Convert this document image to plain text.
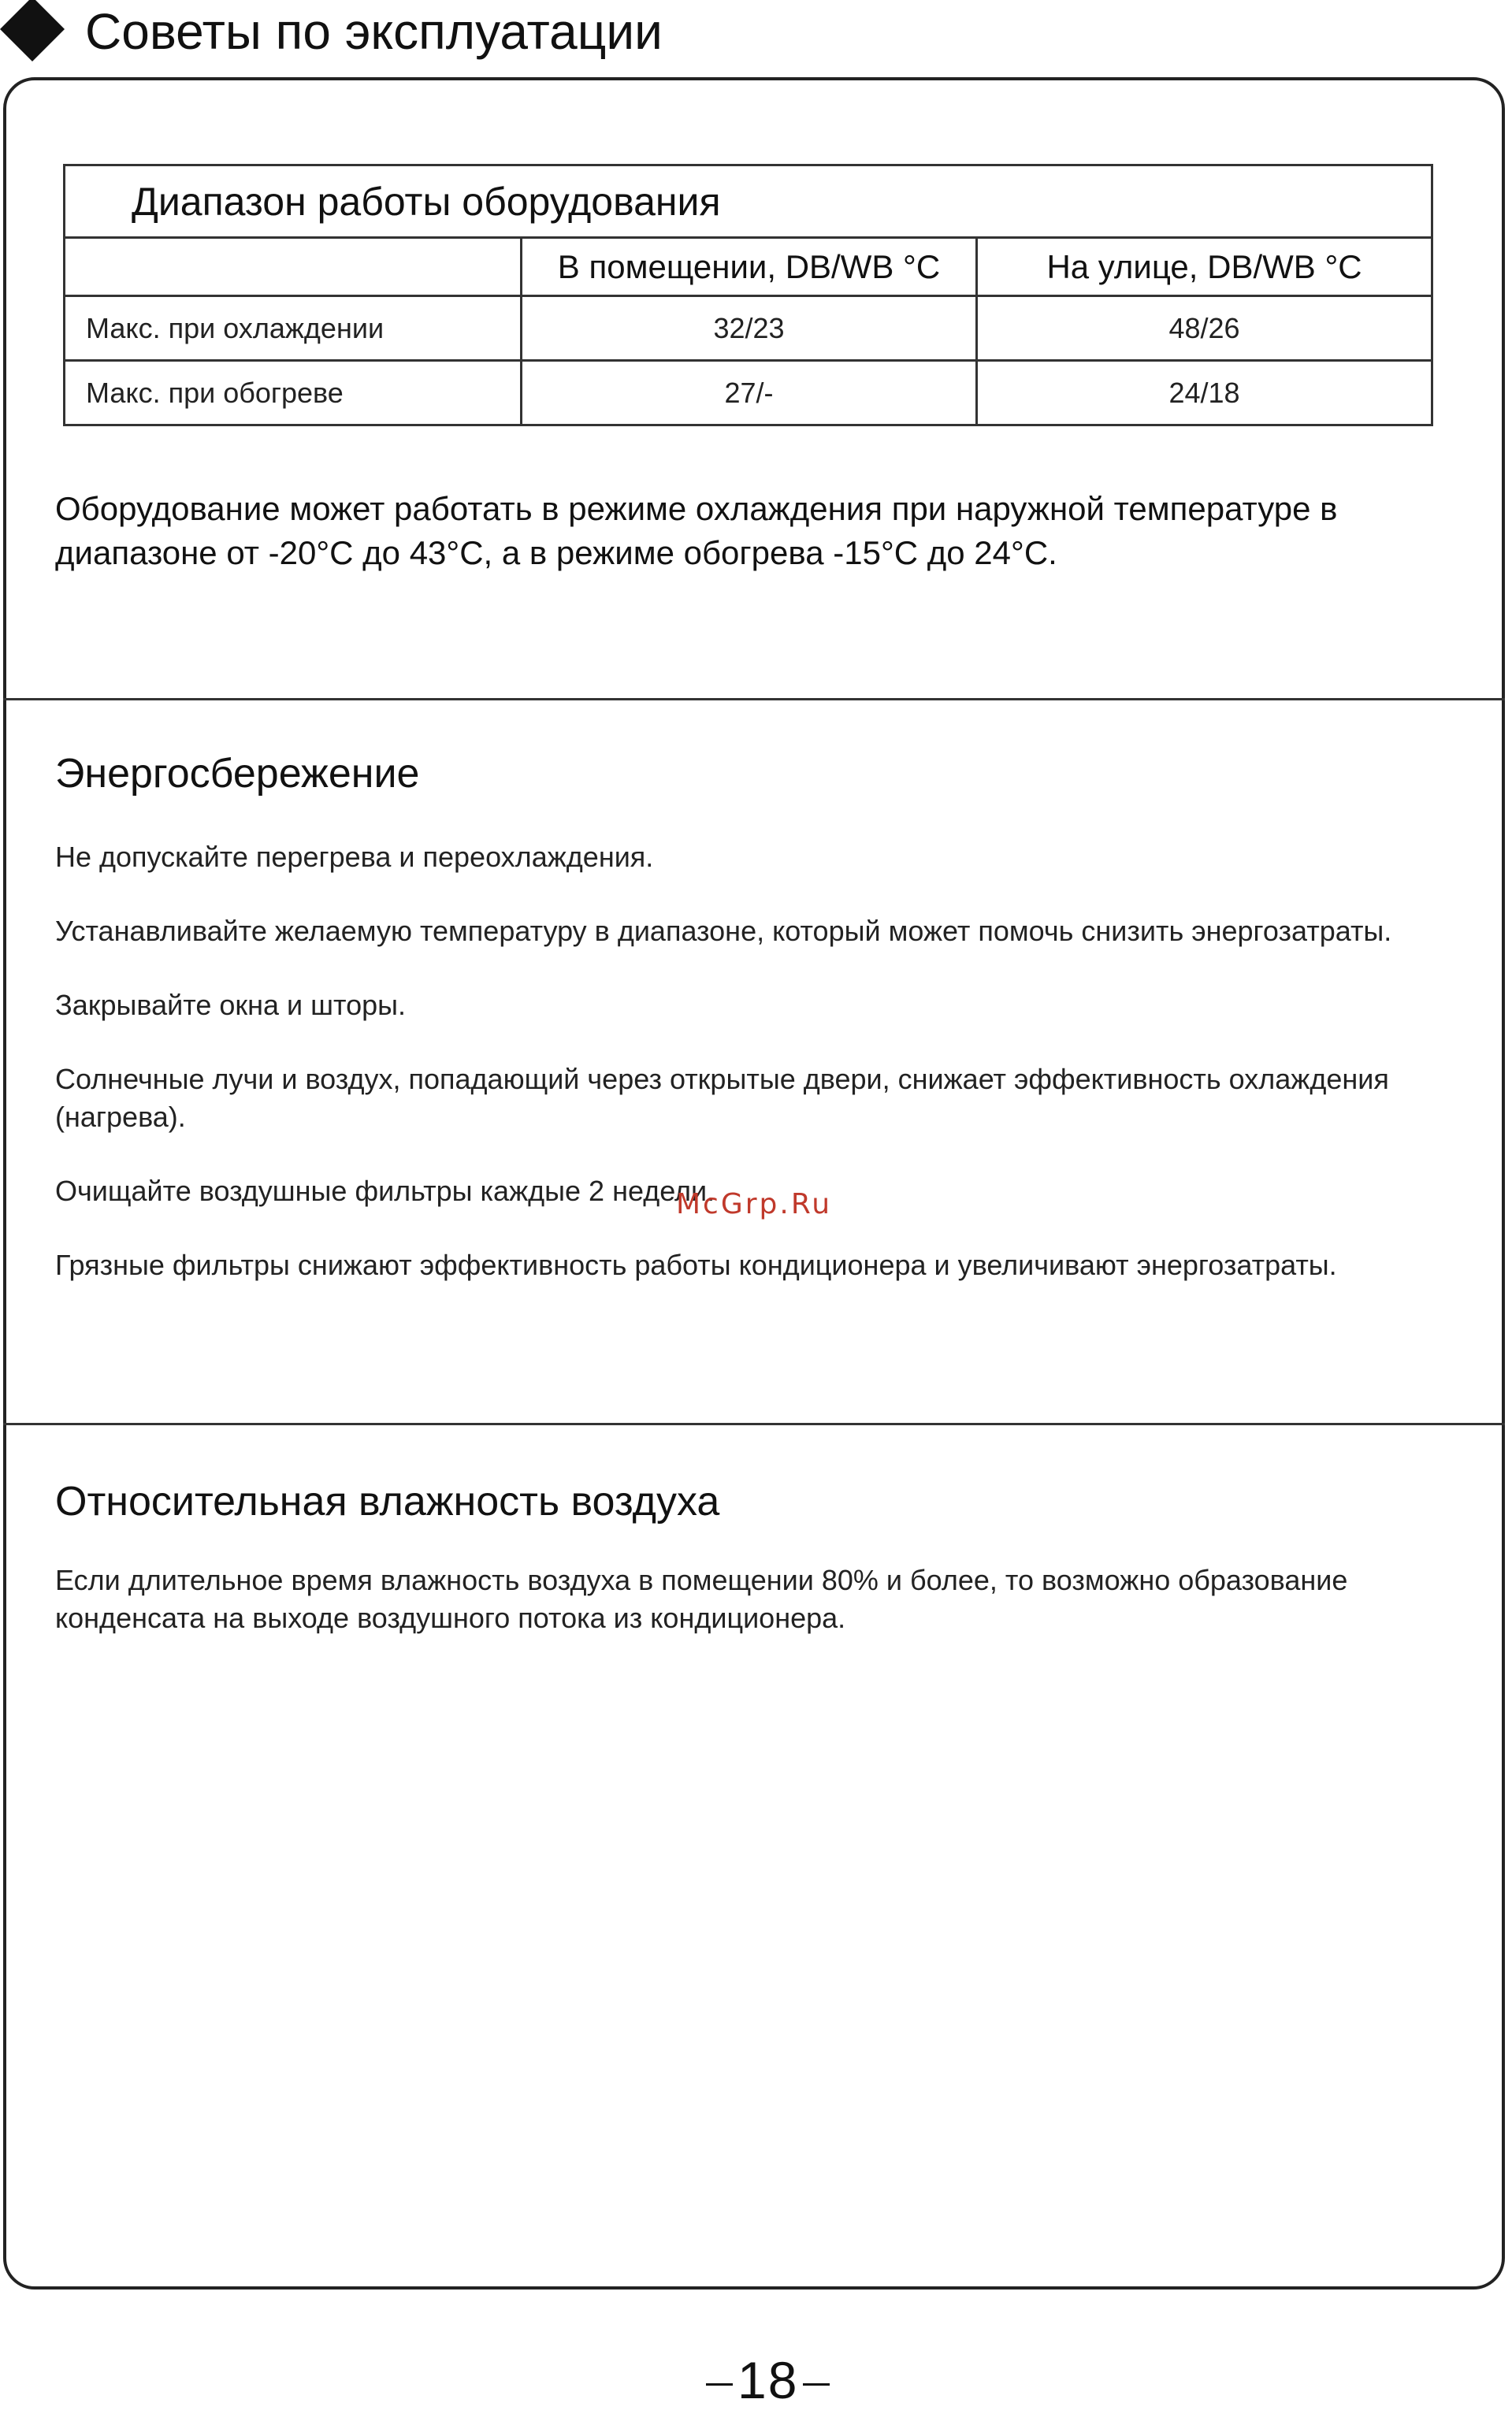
Советы по эксплуатации
Диапазон работы оборудования		
	В помещении, DB/WB °C	На улице, DB/WB °C
Макс. при охлаждении	32/23	48/26
Макс. при обогреве	27/-	24/18
Оборудование может работать в режиме охлаждения при наружной температуре в диапазоне от -20°C до 43°C, а в режиме обогрева -15°C до 24°C.
Энергосбережение
Не допускайте перегрева и переохлаждения.
Устанавливайте желаемую температуру в диапазоне, который может помочь снизить энергозатраты.
Закрывайте окна и шторы.
Солнечные лучи и воздух, попадающий через открытые двери, снижает эффективность охлаждения (нагрева).
Очищайте воздушные фильтры каждые 2 недели.
Грязные фильтры снижают эффективность работы кондиционера и увеличивают энергозатраты.
McGrp.Ru
Относительная влажность воздуха
Если длительное время влажность воздуха в помещении 80% и более, то возможно образование конденсата на выходе воздушного потока из кондиционера.
18
